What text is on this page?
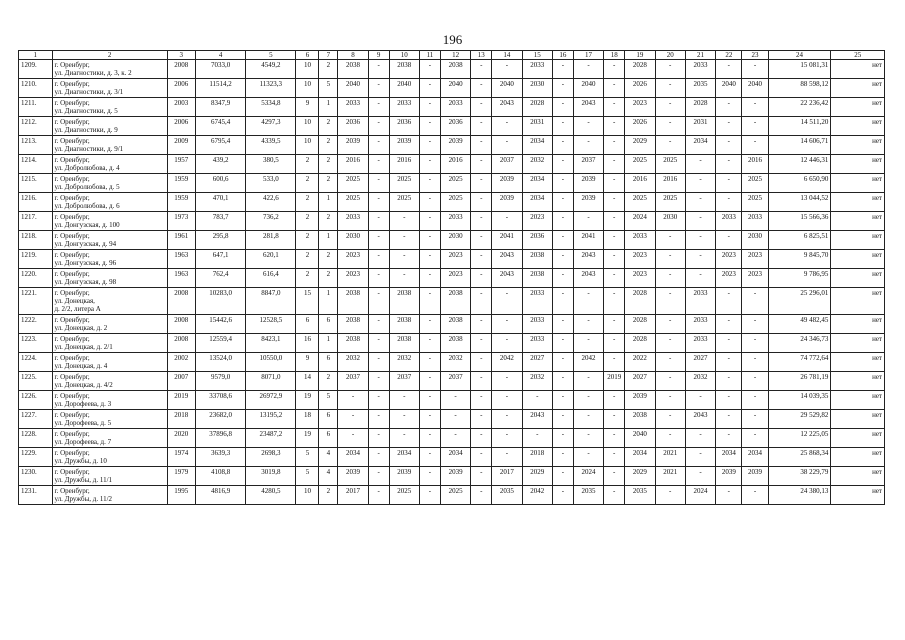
196
1	2	3	4	5	6	7	8	9	10	11	12	13	14	15	16	17	18	19	20	21	22	23	24	25
1209.	г. Оренбург,
ул. Диагностики, д. 3, к. 2	2008	7033,0	4549,2	10	2	2038	-	2038	-	2038	-	-	2033	-	-	-	2028	-	2033	-	-	15 081,31	нет
1210.	г. Оренбург,
ул. Диагностики, д. 3/1	2006	11514,2	11323,3	10	5	2040	-	2040	-	2040	-	2040	2030	-	2040	-	2026	-	2035	2040	2040	88 598,12	нет
1211.	г. Оренбург,
ул. Диагностики, д. 5	2003	8347,9	5334,8	9	1	2033	-	2033	-	2033	-	2043	2028	-	2043	-	2023	-	2028	-	-	22 236,42	нет
1212.	г. Оренбург,
ул. Диагностики, д. 9	2006	6745,4	4297,3	10	2	2036	-	2036	-	2036	-	-	2031	-	-	-	2026	-	2031	-	-	14 511,20	нет
1213.	г. Оренбург,
ул. Диагностики, д. 9/1	2009	6795,4	4339,5	10	2	2039	-	2039	-	2039	-	-	2034	-	-	-	2029	-	2034	-	-	14 606,71	нет
1214.	г. Оренбург,
ул. Добролюбова, д. 4	1957	439,2	380,5	2	2	2016	-	2016	-	2016	-	2037	2032	-	2037	-	2025	2025	-	-	2016	12 446,31	нет
1215.	г. Оренбург,
ул. Добролюбова, д. 5	1959	600,6	533,0	2	2	2025	-	2025	-	2025	-	2039	2034	-	2039	-	2016	2016	-	-	2025	6 650,90	нет
1216.	г. Оренбург,
ул. Добролюбова, д. 6	1959	470,1	422,6	2	1	2025	-	2025	-	2025	-	2039	2034	-	2039	-	2025	2025	-	-	2025	13 044,52	нет
1217.	г. Оренбург,
ул. Донгузская, д. 100	1973	783,7	736,2	2	2	2033	-	-	-	2033	-	-	2023	-	-	-	2024	2030	-	2033	2033	15 566,36	нет
1218.	г. Оренбург,
ул. Донгузская, д. 94	1961	295,8	281,8	2	1	2030	-	-	-	2030	-	2041	2036	-	2041	-	2033	-	-	-	2030	6 825,51	нет
1219.	г. Оренбург,
ул. Донгузская, д. 96	1963	647,1	620,1	2	2	2023	-	-	-	2023	-	2043	2038	-	2043	-	2023	-	-	2023	2023	9 845,70	нет
1220.	г. Оренбург,
ул. Донгузская, д. 98	1963	762,4	616,4	2	2	2023	-	-	-	2023	-	2043	2038	-	2043	-	2023	-	-	2023	2023	9 786,95	нет
1221.	г. Оренбург,
ул. Донецкая,
д. 2/2, литера А	2008	10283,0	8847,0	15	1	2038	-	2038	-	2038	-	-	2033	-	-	-	2028	-	2033	-	-	25 296,01	нет
1222.	г. Оренбург,
ул. Донецкая, д. 2	2008	15442,6	12528,5	6	6	2038	-	2038	-	2038	-	-	2033	-	-	-	2028	-	2033	-	-	49 482,45	нет
1223.	г. Оренбург,
ул. Донецкая, д. 2/1	2008	12559,4	8423,1	16	1	2038	-	2038	-	2038	-	-	2033	-	-	-	2028	-	2033	-	-	24 346,73	нет
1224.	г. Оренбург,
ул. Донецкая, д. 4	2002	13524,0	10550,0	9	6	2032	-	2032	-	2032	-	2042	2027	-	2042	-	2022	-	2027	-	-	74 772,64	нет
1225.	г. Оренбург,
ул. Донецкая, д. 4/2	2007	9579,0	8071,0	14	2	2037	-	2037	-	2037	-	-	2032	-	-	2019	2027	-	2032	-	-	26 781,19	нет
1226.	г. Оренбург,
ул. Дорофеева, д. 3	2019	33708,6	26972,9	19	5	-	-	-	-	-	-	-	-	-	-	-	2039	-	-	-	-	14 039,35	нет
1227.	г. Оренбург,
ул. Дорофеева, д. 5	2018	23682,0	13195,2	18	6	-	-	-	-	-	-	-	2043	-	-	-	2038	-	2043	-	-	29 529,82	нет
1228.	г. Оренбург,
ул. Дорофеева, д. 7	2020	37896,8	23487,2	19	6	-	-	-	-	-	-	-	-	-	-	-	2040	-	-	-	-	12 225,05	нет
1229.	г. Оренбург,
ул. Дружбы, д. 10	1974	3639,3	2698,3	5	4	2034	-	2034	-	2034	-	-	2018	-	-	-	2034	2021	-	2034	2034	25 868,34	нет
1230.	г. Оренбург,
ул. Дружбы, д. 11/1	1979	4108,8	3019,8	5	4	2039	-	2039	-	2039	-	2017	2029	-	2024	-	2029	2021	-	2039	2039	38 229,79	нет
1231.	г. Оренбург,
ул. Дружбы, д. 11/2	1995	4816,9	4280,5	10	2	2017	-	2025	-	2025	-	2035	2042	-	2035	-	2035	-	2024	-	-	24 380,13	нет
